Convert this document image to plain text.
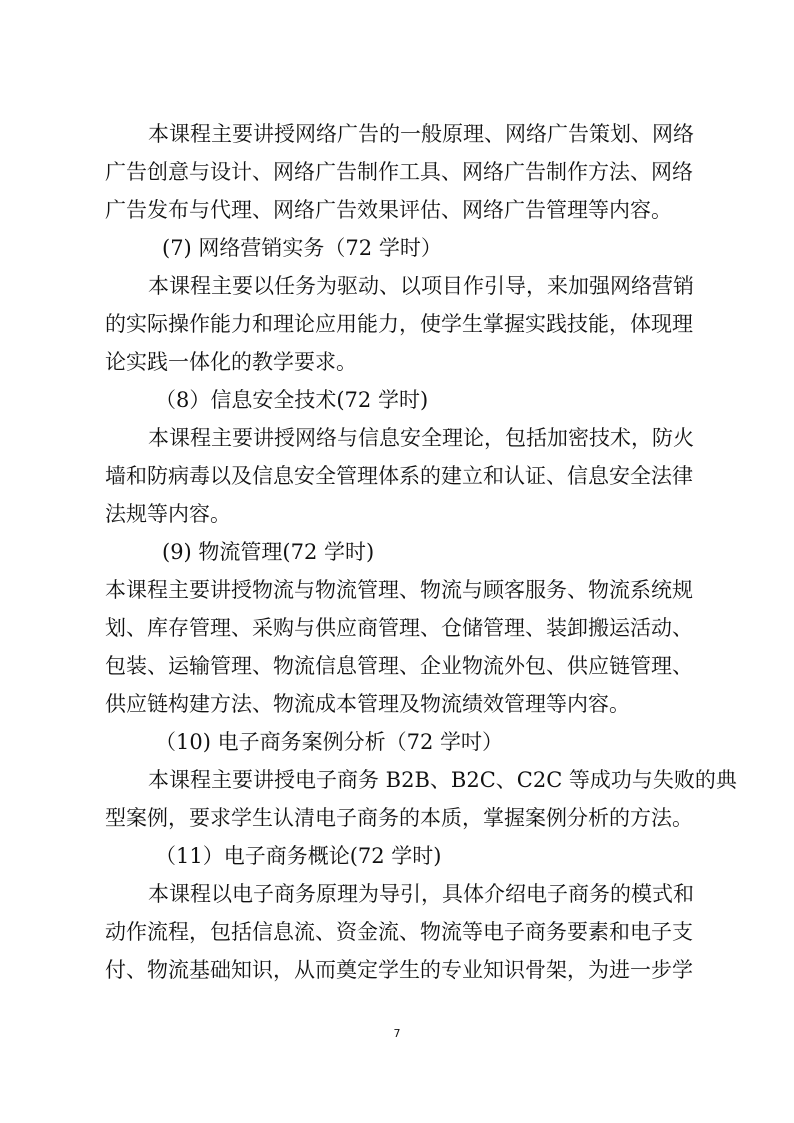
本课程主要讲授网络广告的一般原理、网络广告策划、网络
广告创意与设计、网络广告制作工具、网络广告制作方法、网络
广告发布与代理、网络广告效果评估、网络广告管理等内容。
(7) 网络营销实务（72 学时）
本课程主要以任务为驱动、以项目作引导，来加强网络营销
的实际操作能力和理论应用能力，使学生掌握实践技能，体现理
论实践一体化的教学要求。
（8）信息安全技术(72 学时)
本课程主要讲授网络与信息安全理论，包括加密技术，防火
墙和防病毒以及信息安全管理体系的建立和认证、信息安全法律
法规等内容。
(9) 物流管理(72 学时)
本课程主要讲授物流与物流管理、物流与顾客服务、物流系统规
划、库存管理、采购与供应商管理、仓储管理、装卸搬运活动、
包装、运输管理、物流信息管理、企业物流外包、供应链管理、
供应链构建方法、物流成本管理及物流绩效管理等内容。
（10) 电子商务案例分析（72 学吋）
本课程主要讲授电子商务 B2B、B2C、C2C 等成功与失败的典
型案例，要求学生认清电子商务的本质，掌握案例分析的方法。
（11）电子商务概论(72 学时)
本课程以电子商务原理为导引，具体介绍电子商务的模式和
动作流程，包括信息流、资金流、物流等电子商务要素和电子支
付、物流基础知识，从而奠定学生的专业知识骨架，为进一步学
7
